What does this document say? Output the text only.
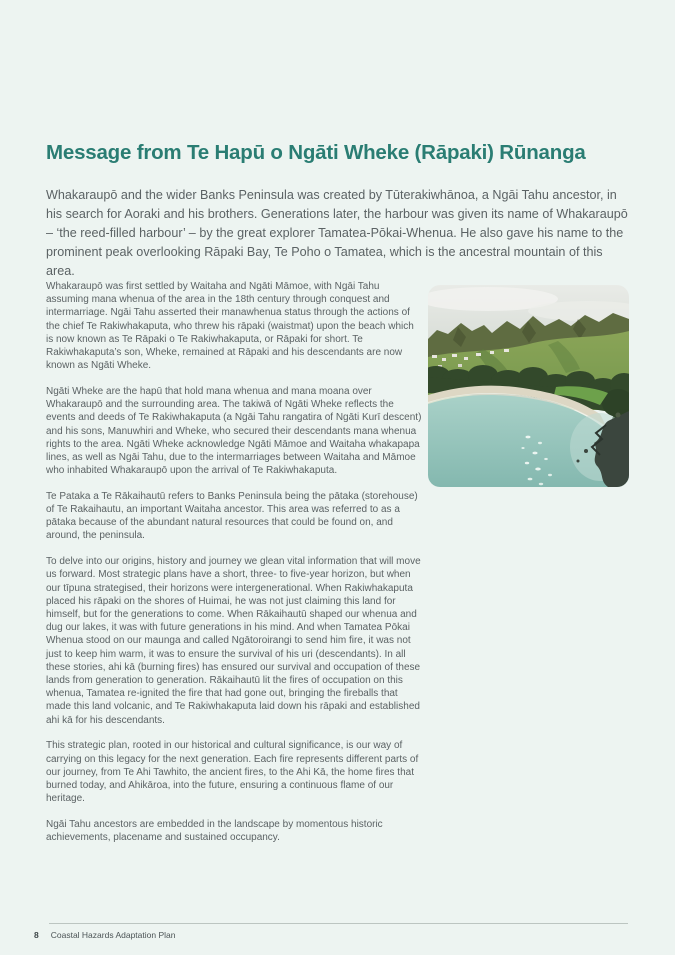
Message from Te Hapū o Ngāti Wheke (Rāpaki) Rūnanga

Whakaraupō and the wider Banks Peninsula was created by Tūterakiwhānoa, a Ngāi Tahu ancestor, in his search for Aoraki and his brothers. Generations later, the harbour was given its name of Whakaraupō – ‘the reed-filled harbour’ – by the great explorer Tamatea-Pōkai-Whenua. He also gave his name to the prominent peak overlooking Rāpaki Bay, Te Poho o Tamatea, which is the ancestral mountain of this area.

Whakaraupō was first settled by Waitaha and Ngāti Māmoe, with Ngāi Tahu assuming mana whenua of the area in the 18th century through conquest and intermarriage. Ngāi Tahu asserted their manawhenua status through the actions of the chief Te Rakiwhakaputa, who threw his rāpaki (waistmat) upon the beach which is now known as Te Rāpaki o Te Rakiwhakaputa, or Rāpaki for short. Te Rakiwhakaputa’s son, Wheke, remained at Rāpaki and his descendants are now known as Ngāti Wheke.

Ngāti Wheke are the hapū that hold mana whenua and mana moana over Whakaraupō and the surrounding area. The takiwā of Ngāti Wheke reflects the events and deeds of Te Rakiwhakaputa (a Ngāi Tahu rangatira of Ngāti Kurī descent) and his sons, Manuwhiri and Wheke, who secured their descendants mana whenua rights to the area. Ngāti Wheke acknowledge Ngāti Māmoe and Waitaha whakapapa lines, as well as Ngāi Tahu, due to the intermarriages between Waitaha and Māmoe who inhabited Whakaraupō upon the arrival of Te Rakiwhakaputa.

Te Pataka a Te Rākaihautū refers to Banks Peninsula being the pātaka (storehouse) of Te Rakaihautu, an important Waitaha ancestor. This area was referred to as a pātaka because of the abundant natural resources that could be found on, and around, the peninsula.

To delve into our origins, history and journey we glean vital information that will move us forward. Most strategic plans have a short, three- to five-year horizon, but when our tīpuna strategised, their horizons were intergenerational. When Rakiwhakaputa placed his rāpaki on the shores of Huimai, he was not just claiming this land for himself, but for the generations to come. When Rākaihautū shaped our whenua and dug our lakes, it was with future generations in his mind. And when Tamatea Pōkai Whenua stood on our maunga and called Ngātoroirangi to send him fire, it was not just to keep him warm, it was to ensure the survival of his uri (descendants). In all these stories, ahi kā (burning fires) has ensured our survival and occupation of these lands from generation to generation. Rākaihautū lit the fires of occupation on this whenua, Tamatea re-ignited the fire that had gone out, bringing the fireballs that made this land volcanic, and Te Rakiwhakaputa laid down his rāpaki and established ahi kā for his descendants.

This strategic plan, rooted in our historical and cultural significance, is our way of carrying on this legacy for the next generation. Each fire represents different parts of our journey, from Te Ahi Tawhito, the ancient fires, to the Ahi Kā, the home fires that burned today, and Ahikāroa, into the future, ensuring a continuous flame of our heritage.

Ngāi Tahu ancestors are embedded in the landscape by momentous historic achievements, placename and sustained occupancy.

8 Coastal Hazards Adaptation Plan
